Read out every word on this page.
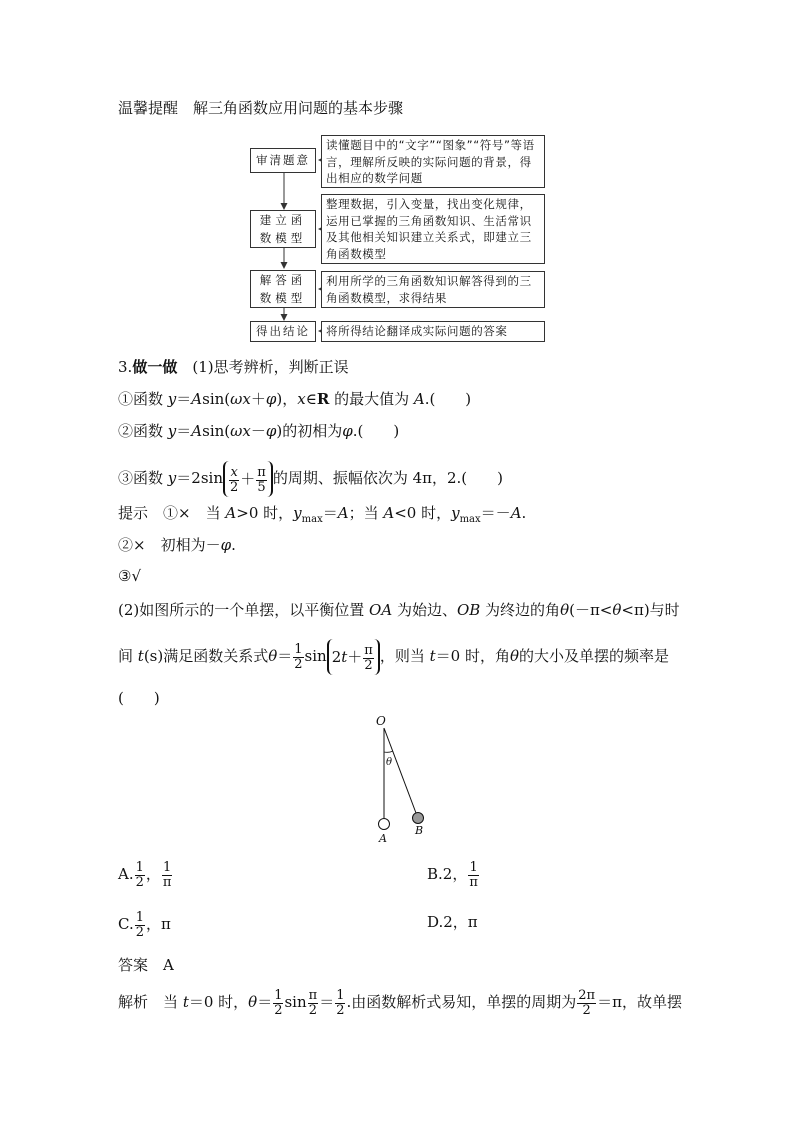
温馨提醒　 解三角函数应用问题的基本步骤
审清题意
读懂题目中的“文字”“图象”“符号”等语言，理解所反映的实际问题的背景，得出相应的数学问题
建立函数模型
整理数据，引入变量，找出变化规律，运用已掌握的三角函数知识、生活常识及其他相关知识建立关系式，即建立三角函数模型
解答函数模型
利用所学的三角函数知识解答得到的三角函数模型，求得结果
得出结论	将所得结论翻译成实际问题的答案
3.做一做　 (1)思考辨析，判断正误
①函数 y＝Asin(ωx＋φ)，x∈R 的最大值为 A.(　　)
②函数 y＝Asin(ωx－φ)的初相为φ.(　　)
③函数 $y=2\sin \frac{x}{2} + \frac{\pi}{5}$ 的周期、振幅依次为 4π，2.(　　)
提示　 ①×　 当 A>0 时，$y_{max}=A$；当 A<0 时，$y_{max}=-A$.
②×　 初相为－φ.
③√
(2)如图所示的一个单摆，以平衡位置 OA 为始边、OB 为终边的角θ(－π<θ<π)与时
间 t(s)满足函数关系式$\theta= \frac{1}{2}$ $\sin 2t+ \frac{\pi}{2}$ ，则当 t＝0 时，角θ的大小及单摆的频率是
(　　)
O
θ
A
B
A. $\frac{1}{2}$ ， $\frac{1}{\pi}$	B.2， $\frac{1}{\pi}$
C. $\frac{1}{2}$ ，π	D.2，π
答案　 A
解析　 当 t＝0 时，$\theta= \frac{1}{2}$ $\sin \frac{\pi}{2} = \frac{1}{2}$ .由函数解析式易知，单摆的周期为 $\frac{2\pi}{2} =\pi$，故单摆
